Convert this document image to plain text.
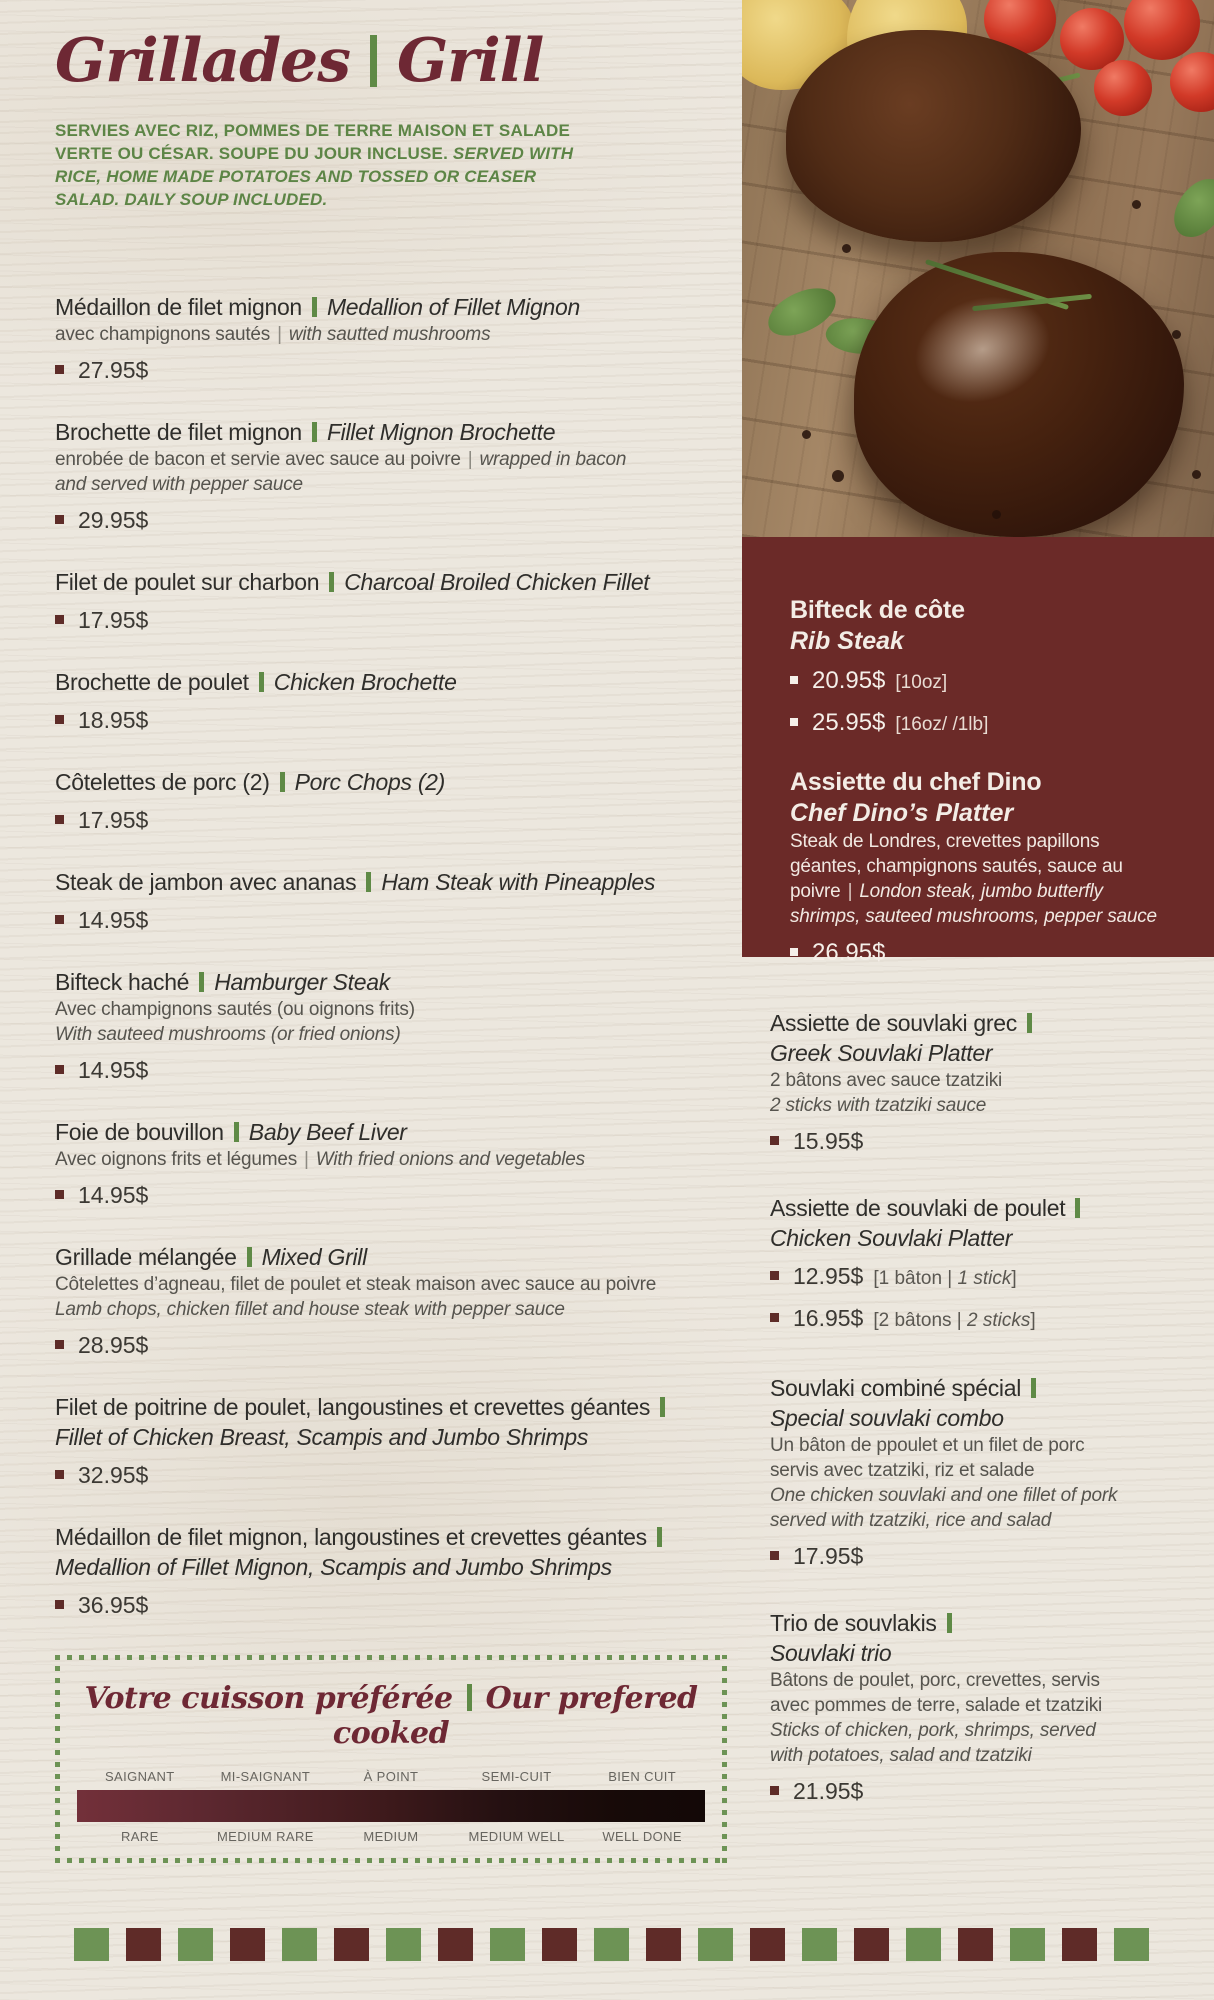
Grillades Grill
SERVIES AVEC RIZ, POMMES DE TERRE MAISON ET SALADE VERTE OU CÉSAR. SOUPE DU JOUR INCLUSE. SERVED WITH RICE, HOME MADE POTATOES AND TOSSED OR CEASER SALAD. DAILY SOUP INCLUDED.
Médaillon de filet mignon Medallion of Fillet Mignon

avec champignons sautés | with sautted mushrooms

27.95$
Brochette de filet mignon Fillet Mignon Brochette

enrobée de bacon et servie avec sauce au poivre | wrapped in bacon

and served with pepper sauce

29.95$
Filet de poulet sur charbon Charcoal Broiled Chicken Fillet
17.95$
Brochette de poulet Chicken Brochette
18.95$
Côtelettes de porc (2) Porc Chops (2)
17.95$
Steak de jambon avec ananas Ham Steak with Pineapples
14.95$
Bifteck haché Hamburger Steak

Avec champignons sautés (ou oignons frits)

With sauteed mushrooms (or fried onions)

14.95$
Foie de bouvillon Baby Beef Liver

Avec oignons frits et légumes | With fried onions and vegetables

14.95$
Grillade mélangée Mixed Grill

Côtelettes d’agneau, filet de poulet et steak maison avec sauce au poivre

Lamb chops, chicken fillet and house steak with pepper sauce

28.95$
Filet de poitrine de poulet, langoustines et crevettes géantes
Fillet of Chicken Breast, Scampis and Jumbo Shrimps
32.95$
Médaillon de filet mignon, langoustines et crevettes géantes
Medallion of Fillet Mignon, Scampis and Jumbo Shrimps
36.95$
Bifteck de côte
Rib Steak
20.95$ [10oz]
25.95$ [16oz/ /1lb]
Assiette du chef Dino
Chef Dino’s Platter

Steak de Londres, crevettes papillons

géantes, champignons sautés, sauce au

poivre | London steak, jumbo butterfly

shrimps, sauteed mushrooms, pepper sauce

26.95$
Assiette de souvlaki grec
Greek Souvlaki Platter

2 bâtons avec sauce tzatziki

2 sticks with tzatziki sauce

15.95$
Assiette de souvlaki de poulet
Chicken Souvlaki Platter
12.95$ [1 bâton | 1 stick]
16.95$ [2 bâtons | 2 sticks]
Souvlaki combiné spécial
Special souvlaki combo

Un bâton de ppoulet et un filet de porc

servis avec tzatziki, riz et salade

One chicken souvlaki and one fillet of pork

served with tzatziki, rice and salad

17.95$
Trio de souvlakis
Souvlaki trio

Bâtons de poulet, porc, crevettes, servis

avec pommes de terre, salade et tzatziki

Sticks of chicken, pork, shrimps, served

with potatoes, salad and tzatziki

21.95$
Votre cuisson préférée Our prefered cooked
SAIGNANT	MI-SAIGNANT	À POINT	SEMI-CUIT	BIEN CUIT
RARE	MEDIUM RARE	MEDIUM	MEDIUM WELL	WELL DONE
